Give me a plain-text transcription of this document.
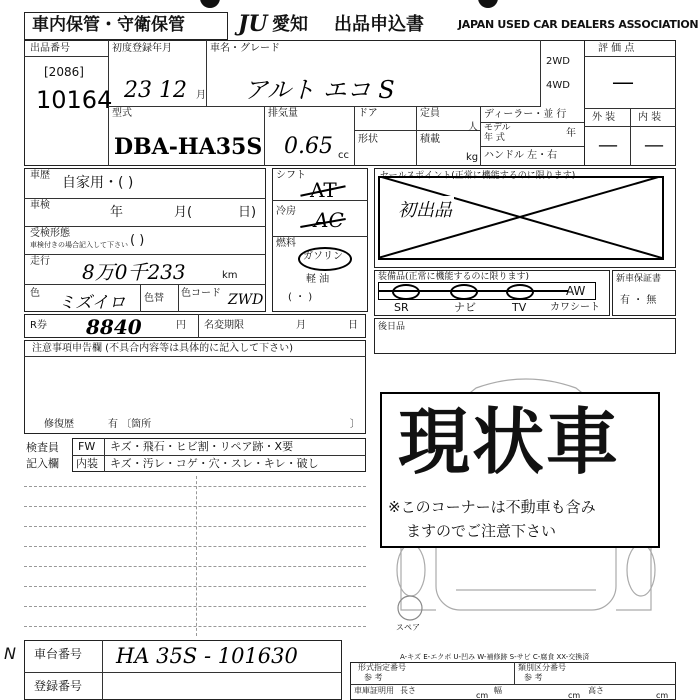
車内保管・守衛保管 JU 愛知 出品申込書	JAPAN USED CAR DEALERS ASSOCIATION
出品番号
[2086]
10164
初度登録年月
23 12 月
車名・グレード
アルト エコ S
2WD
4WD
評 価 点
—
外 装 内 装
— —
型式
DBA-HA35S
排気量
0.65 cc
ドア	定員
人
形状	積載
kg
ディーラー・並 行
モデル
年 式	年
ハンドル 左・右
車歴 自家用・( )
車検	年	月(	日)
受検形態
車検付きの場合記入して下さい ( )
走行 8万0千233	km
色 ミズイロ 色替 色コード ZWD
シフト
AT
冷房 AC
燃料
ガソリン
軽 油
( ・ )
セールスポイント(正常に機能するのに限ります)
初出品
装備品(正常に機能するのに限ります)
AW
SR	ナビ	TV カワシート
新車保証書
有 ・ 無
R券 8840	円 名変期限	月	日 後日品
注意事項申告欄 (不具合内容等は具体的に記入して下さい)
修復歴	有 〔箇所	〕
検査員
記入欄
FW キズ・飛石・ヒビ割・リペア跡・X要
内装 キズ・汚レ・コゲ・穴・スレ・キレ・破し
スペア
A-キズ E-エクボ U-凹み W-補修跡 S-サビ C-腐食 XX-交換済
現状車
※このコーナーは不動車も含み
ますのでご注意下さい
N 車台番号 HA 35S - 101630
登録番号
形式指定番号
参 考
類別区分番号
参 考
車庫証明用 長さ
cm
幅
cm
高さ
cm
